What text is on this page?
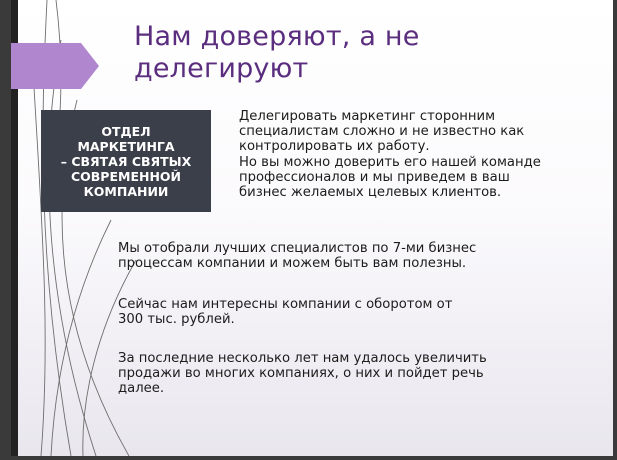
Нам доверяют, а не
делегируют
ОТДЕЛ
МАРКЕТИНГА
– СВЯТАЯ СВЯТЫХ
СОВРЕМЕННОЙ
КОМПАНИИ

Делегировать маркетинг сторонним
специалистам сложно и не известно как
контролировать их работу.
Но вы можно доверить его нашей команде
профессионалов и мы приведем в ваш
бизнес желаемых целевых клиентов.

Мы отобрали лучших специалистов по 7-ми бизнес
процессам компании и можем быть вам полезны.

Сейчас нам интересны компании с оборотом от
300 тыс. рублей.

За последние несколько лет нам удалось увеличить
продажи во многих компаниях, о них и пойдет речь
далее.
